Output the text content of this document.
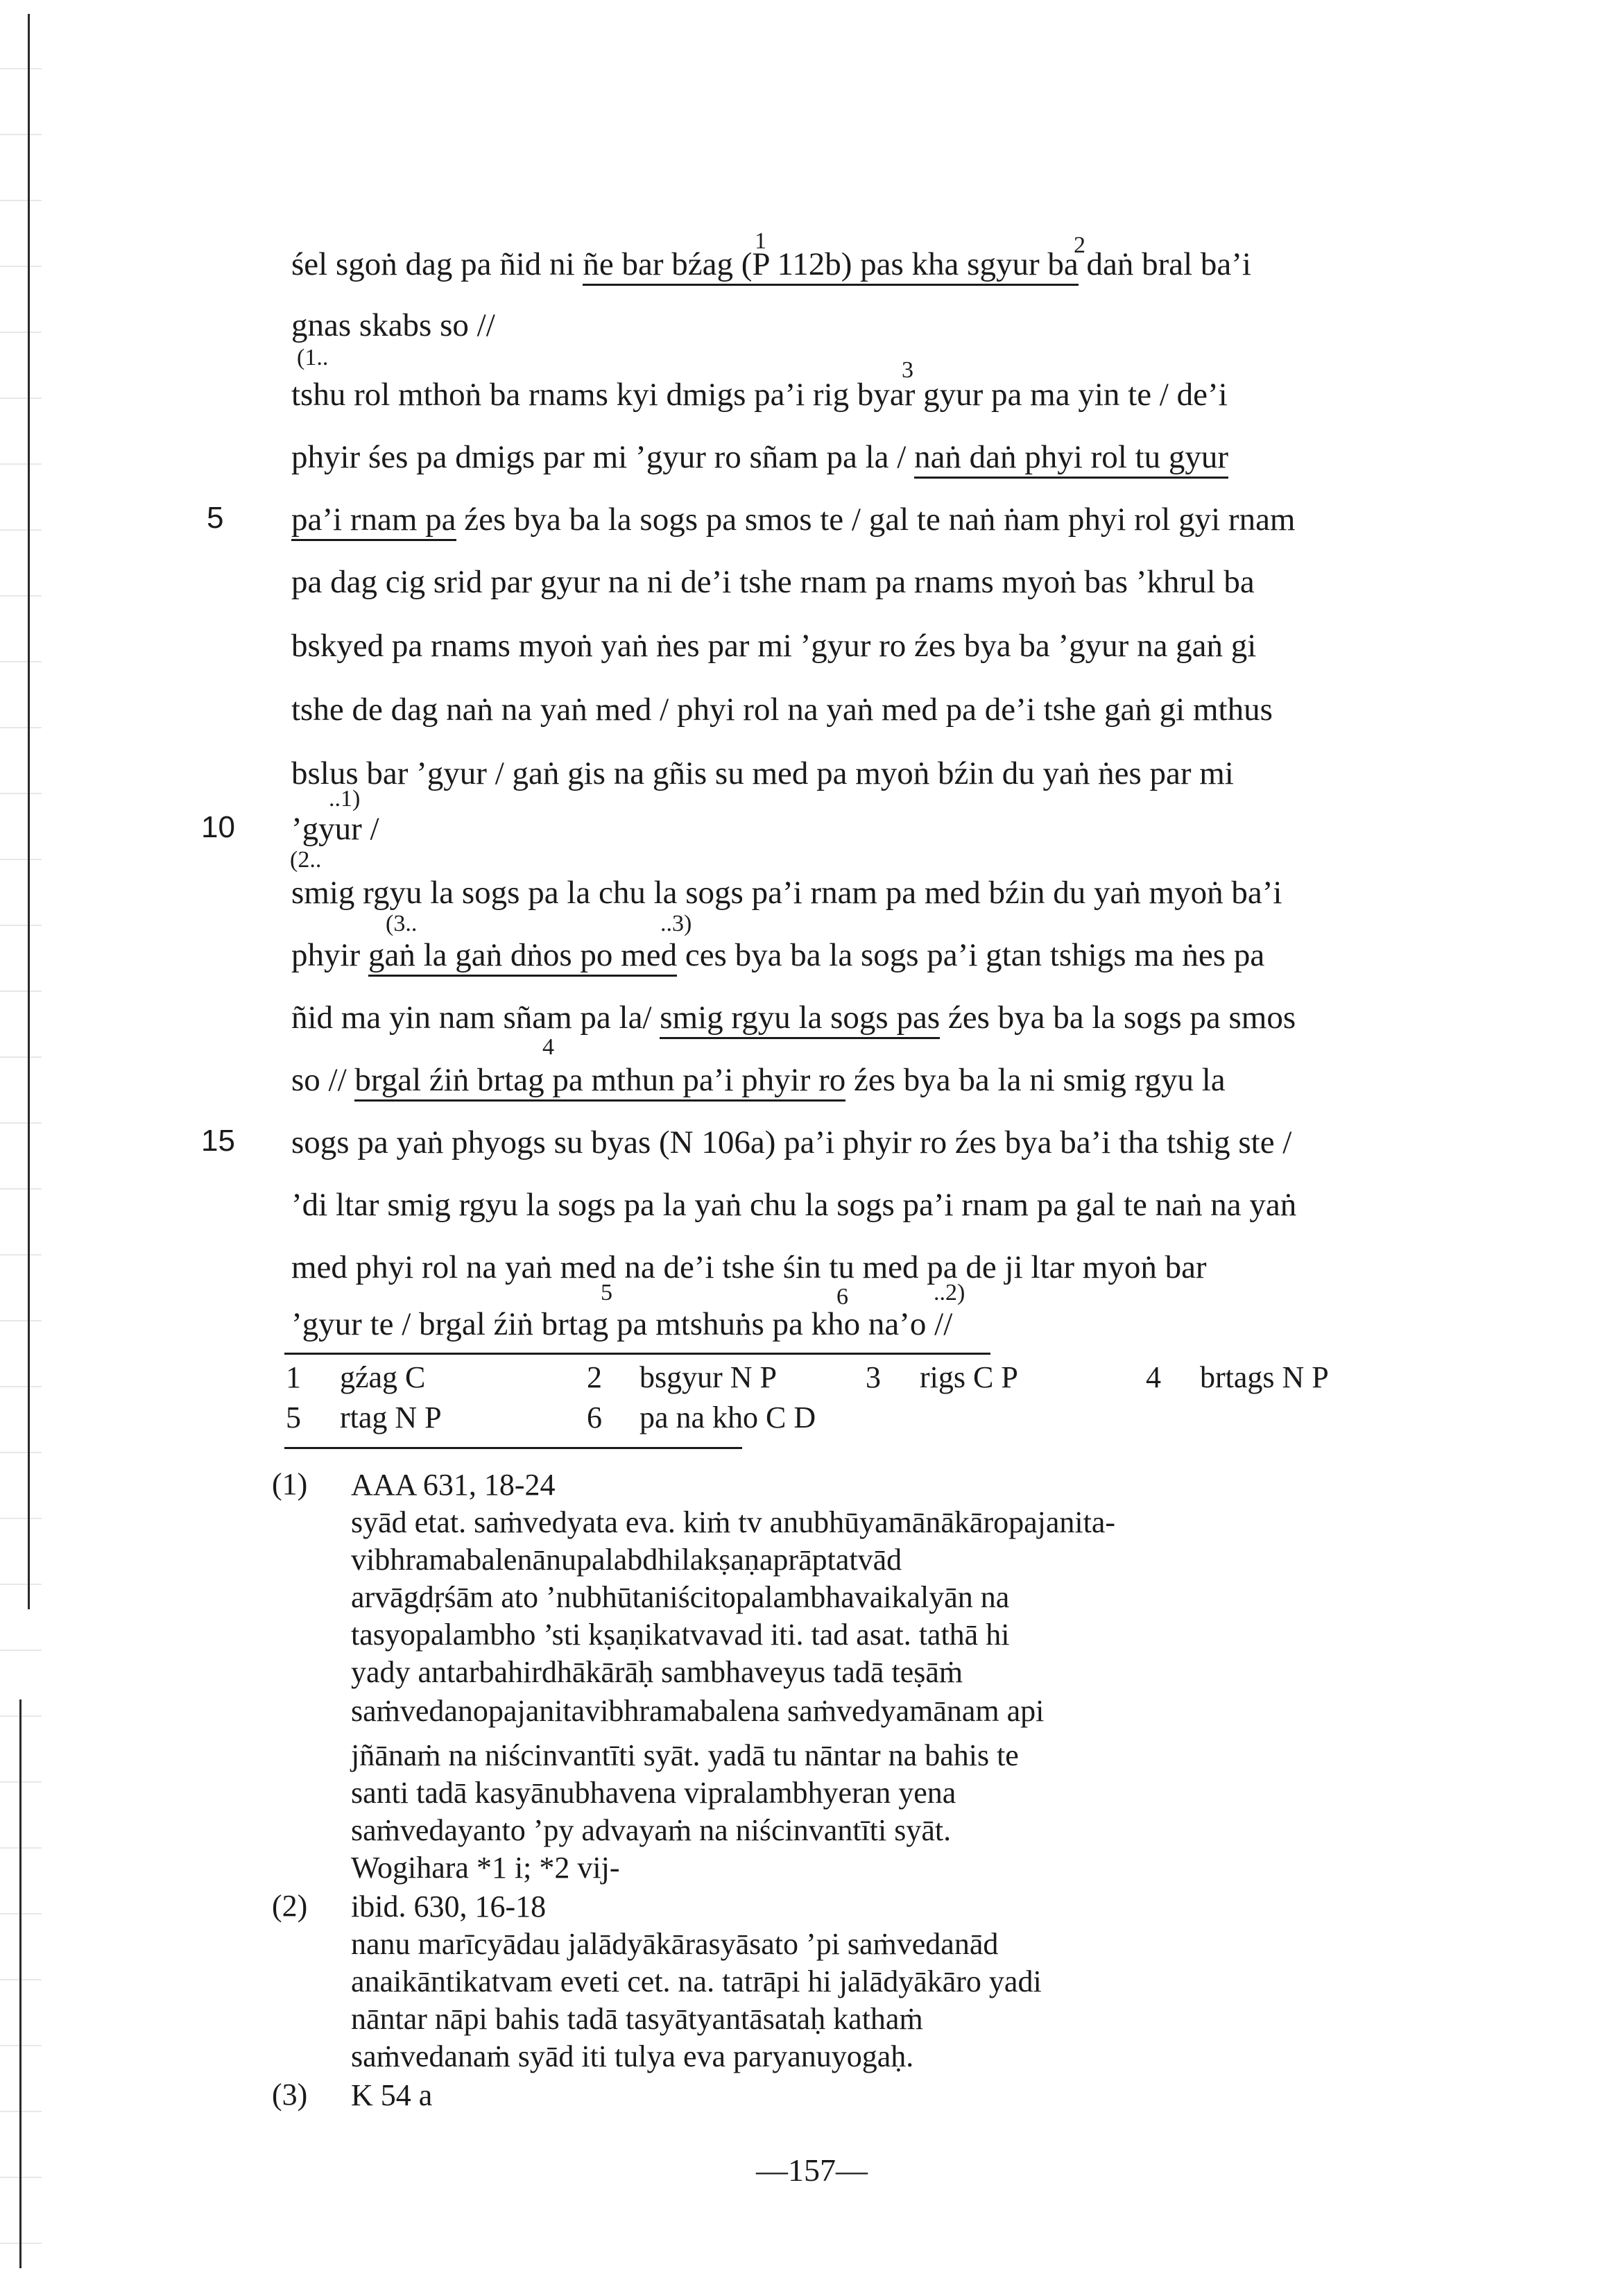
śel sgoṅ dag pa ñid ni ñe bar bźag (P 112b) pas kha sgyur ba daṅ bral ba’i
1	2
gnas skabs so //
(1..
tshu rol mthoṅ ba rnams kyi dmigs pa’i rig byar gyur pa ma yin te / de’i
3
phyir śes pa dmigs par mi ’gyur ro sñam pa la / naṅ daṅ phyi rol tu gyur
5 pa’i rnam pa źes bya ba la sogs pa smos te / gal te naṅ ṅam phyi rol gyi rnam
pa dag cig srid par gyur na ni de’i tshe rnam pa rnams myoṅ bas ’khrul ba
bskyed pa rnams myoṅ yaṅ ṅes par mi ’gyur ro źes bya ba ’gyur na gaṅ gi
tshe de dag naṅ na yaṅ med / phyi rol na yaṅ med pa de’i tshe gaṅ gi mthus
bslus bar ’gyur / gaṅ gis na gñis su med pa myoṅ bźin du yaṅ ṅes par mi
..1)
10 ’gyur /
(2..
smig rgyu la sogs pa la chu la sogs pa’i rnam pa med bźin du yaṅ myoṅ ba’i
(3..	..3)
phyir gaṅ la gaṅ dṅos po med ces bya ba la sogs pa’i gtan tshigs ma ṅes pa
ñid ma yin nam sñam pa la/ smig rgyu la sogs pas źes bya ba la sogs pa smos
4
so // brgal źiṅ brtag pa mthun pa’i phyir ro źes bya ba la ni smig rgyu la
15 sogs pa yaṅ phyogs su byas (N 106a) pa’i phyir ro źes bya ba’i tha tshig ste /
’di ltar smig rgyu la sogs pa la yaṅ chu la sogs pa’i rnam pa gal te naṅ na yaṅ
med phyi rol na yaṅ med na de’i tshe śin tu med pa de ji ltar myoṅ bar
5	6	..2)
’gyur te / brgal źiṅ brtag pa mtshuṅs pa kho na’o //
1 gźag C	2 bsgyur N P	3 rigs C P	4 brtags N P
5 rtag N P	6 pa na kho C D
(1) AAA 631, 18-24
syād etat. saṁvedyata eva. kiṁ tv anubhūyamānākāropajanita-
vibhramabalenānupalabdhilakṣaṇaprāptatvād
arvāgdṛśām ato ’nubhūtaniścitopalambhavaikalyān na
tasyopalambho ’sti kṣaṇikatvavad iti. tad asat. tathā hi
yady antarbahirdhākārāḥ sambhaveyus tadā teṣāṁ
saṁvedanopajanitavibhramabalena saṁvedyamānam api
jñānaṁ na niścinvantīti syāt. yadā tu nāntar na bahis te
santi tadā kasyānubhavena vipralambhyeran yena
saṁvedayanto ’py advayaṁ na niścinvantīti syāt.
Wogihara *1 i; *2 vij-
(2) ibid. 630, 16-18
nanu marīcyādau jalādyākārasyāsato ’pi saṁvedanād
anaikāntikatvam eveti cet. na. tatrāpi hi jalādyākāro yadi
nāntar nāpi bahis tadā tasyātyantāsataḥ kathaṁ
saṁvedanaṁ syād iti tulya eva paryanuyogaḥ.
(3) K 54 a
—157—
